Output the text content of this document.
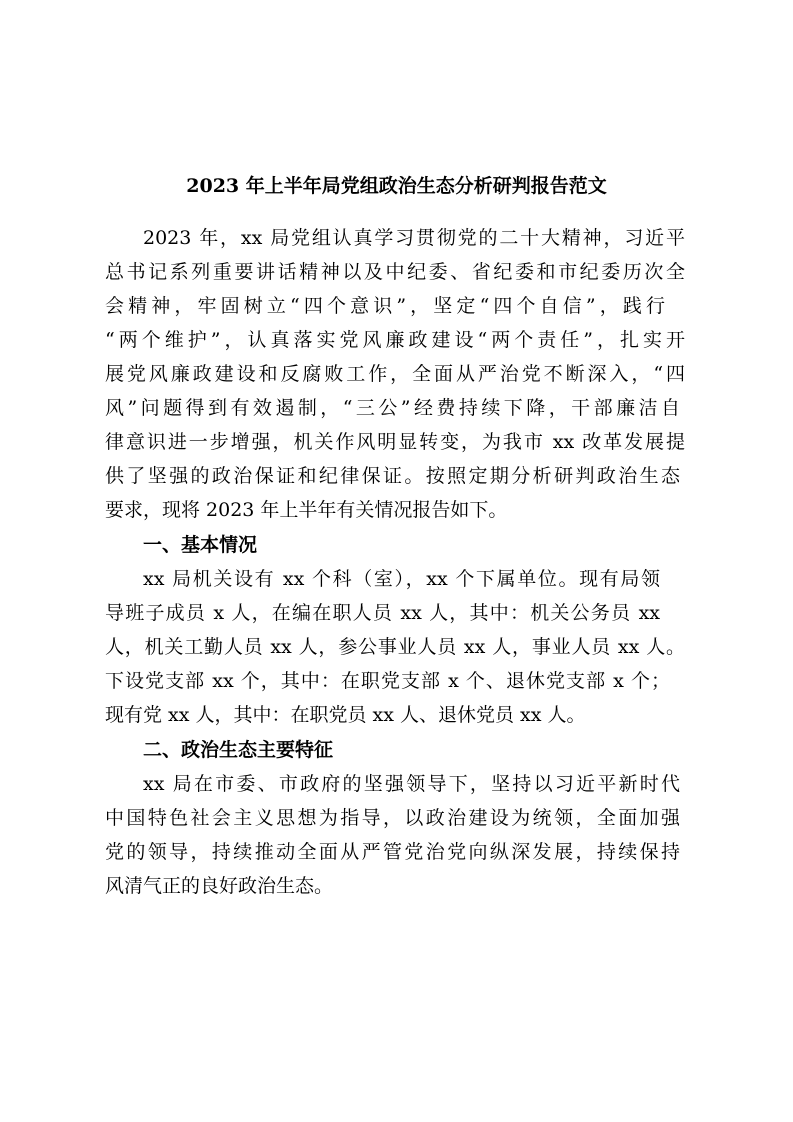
2023 年上半年局党组政治生态分析研判报告范文
2023 年，xx 局党组认真学习贯彻党的二十大精神，习近平
总书记系列重要讲话精神以及中纪委、省纪委和市纪委历次全
会精神，牢固树立“四个意识”，坚定“四个自信”，践行
“两个维护”，认真落实党风廉政建设“两个责任”，扎实开
展党风廉政建设和反腐败工作，全面从严治党不断深入，“四
风”问题得到有效遏制，“三公”经费持续下降，干部廉洁自
律意识进一步增强，机关作风明显转变，为我市 xx 改革发展提
供了坚强的政治保证和纪律保证。按照定期分析研判政治生态
要求，现将 2023 年上半年有关情况报告如下。
一、基本情况
xx 局机关设有 xx 个科（室），xx 个下属单位。现有局领
导班子成员 x 人，在编在职人员 xx 人，其中：机关公务员 xx
人，机关工勤人员 xx 人，参公事业人员 xx 人，事业人员 xx 人。
下设党支部 xx 个，其中：在职党支部 x 个、退休党支部 x 个；
现有党 xx 人，其中：在职党员 xx 人、退休党员 xx 人。
二、政治生态主要特征
xx 局在市委、市政府的坚强领导下，坚持以习近平新时代
中国特色社会主义思想为指导，以政治建设为统领，全面加强
党的领导，持续推动全面从严管党治党向纵深发展，持续保持
风清气正的良好政治生态。
